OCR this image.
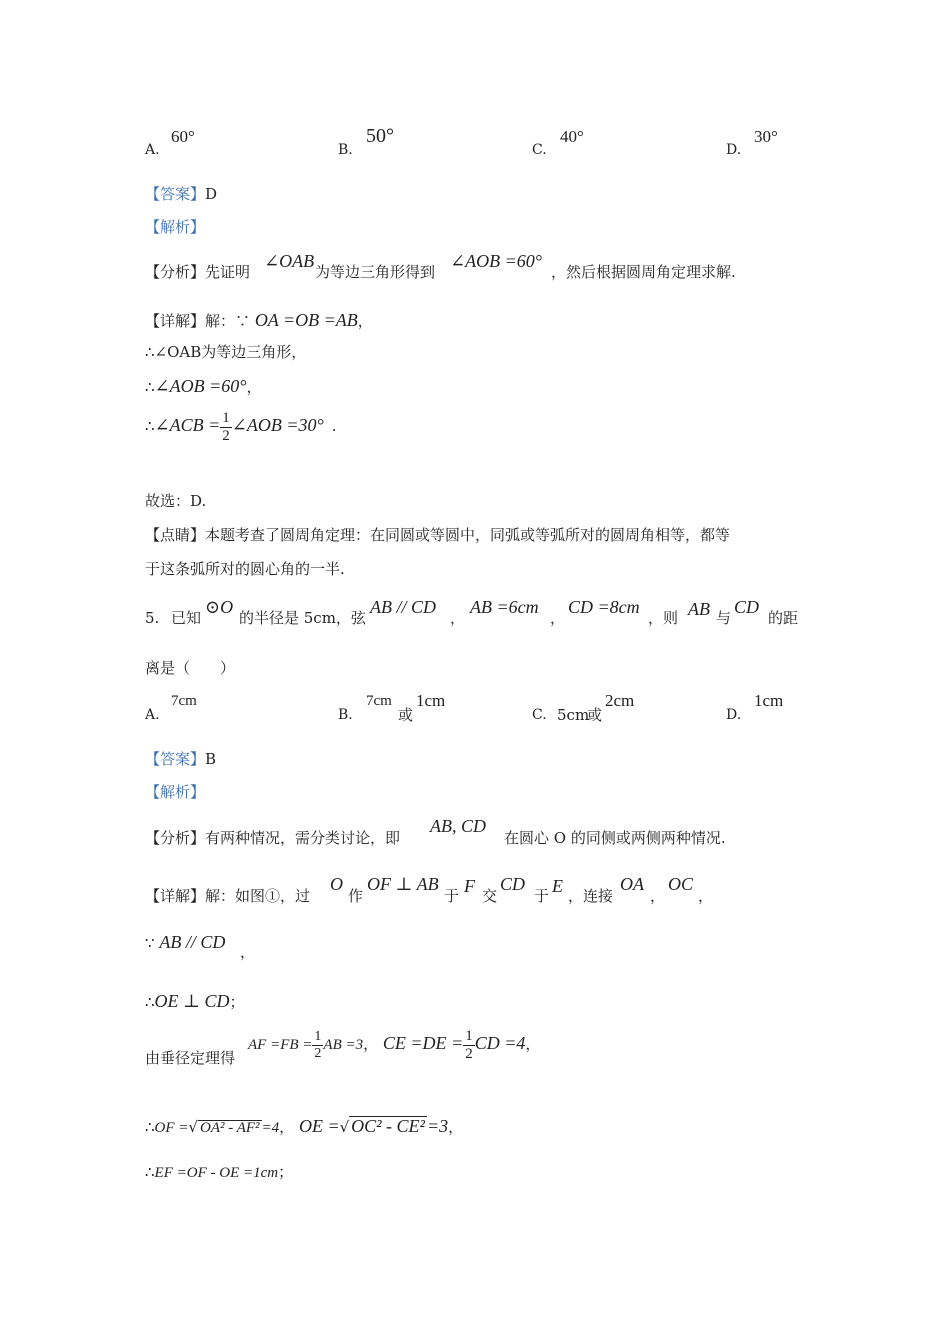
A.
60°
B.
50°
C.
40°
D.
30°
【答案】D
【解析】
【分析】先证明
∠OAB
为等边三角形得到
∠AOB =60°
，然后根据圆周角定理求解.
【详解】解：∵ OA =OB =AB，
∴∠OAB为等边三角形，
∴∠AOB =60°，
∴∠ACB = $\frac{1}{2}$ ∠AOB =30° .
故选：D.
【点睛】本题考查了圆周角定理：在同圆或等圆中，同弧或等弧所对的圆周角相等，都等
于这条弧所对的圆心角的一半.
5. 已知
⊙O
的半径是 5cm，弦
AB // CD
，
AB =6cm
，
CD =8cm
，则 AB 与
CD
的距
离是（　　）
A.
7cm
B.
7cm
或
1cm
C. 5cm
或
2cm
D.
1cm
【答案】B
【解析】
【分析】有两种情况，需分类讨论，即
AB, CD
在圆心 O 的同侧或两侧两种情况.
【详解】解：如图①，过
O
作
OF ⊥ AB
于 F 交
CD
于 E ，连接
OA
，
OC
，
∵ AB // CD ，
∴OE ⊥ CD；
由垂径定理得
AF $=FB = \frac{1}{2}$ AB =3， CE $=DE = \frac{1}{2}$ CD =4，
∴OF =√ OA² - AF² =4， OE =√ OC² - CE² =3，
∴EF =OF - OE =1cm；
